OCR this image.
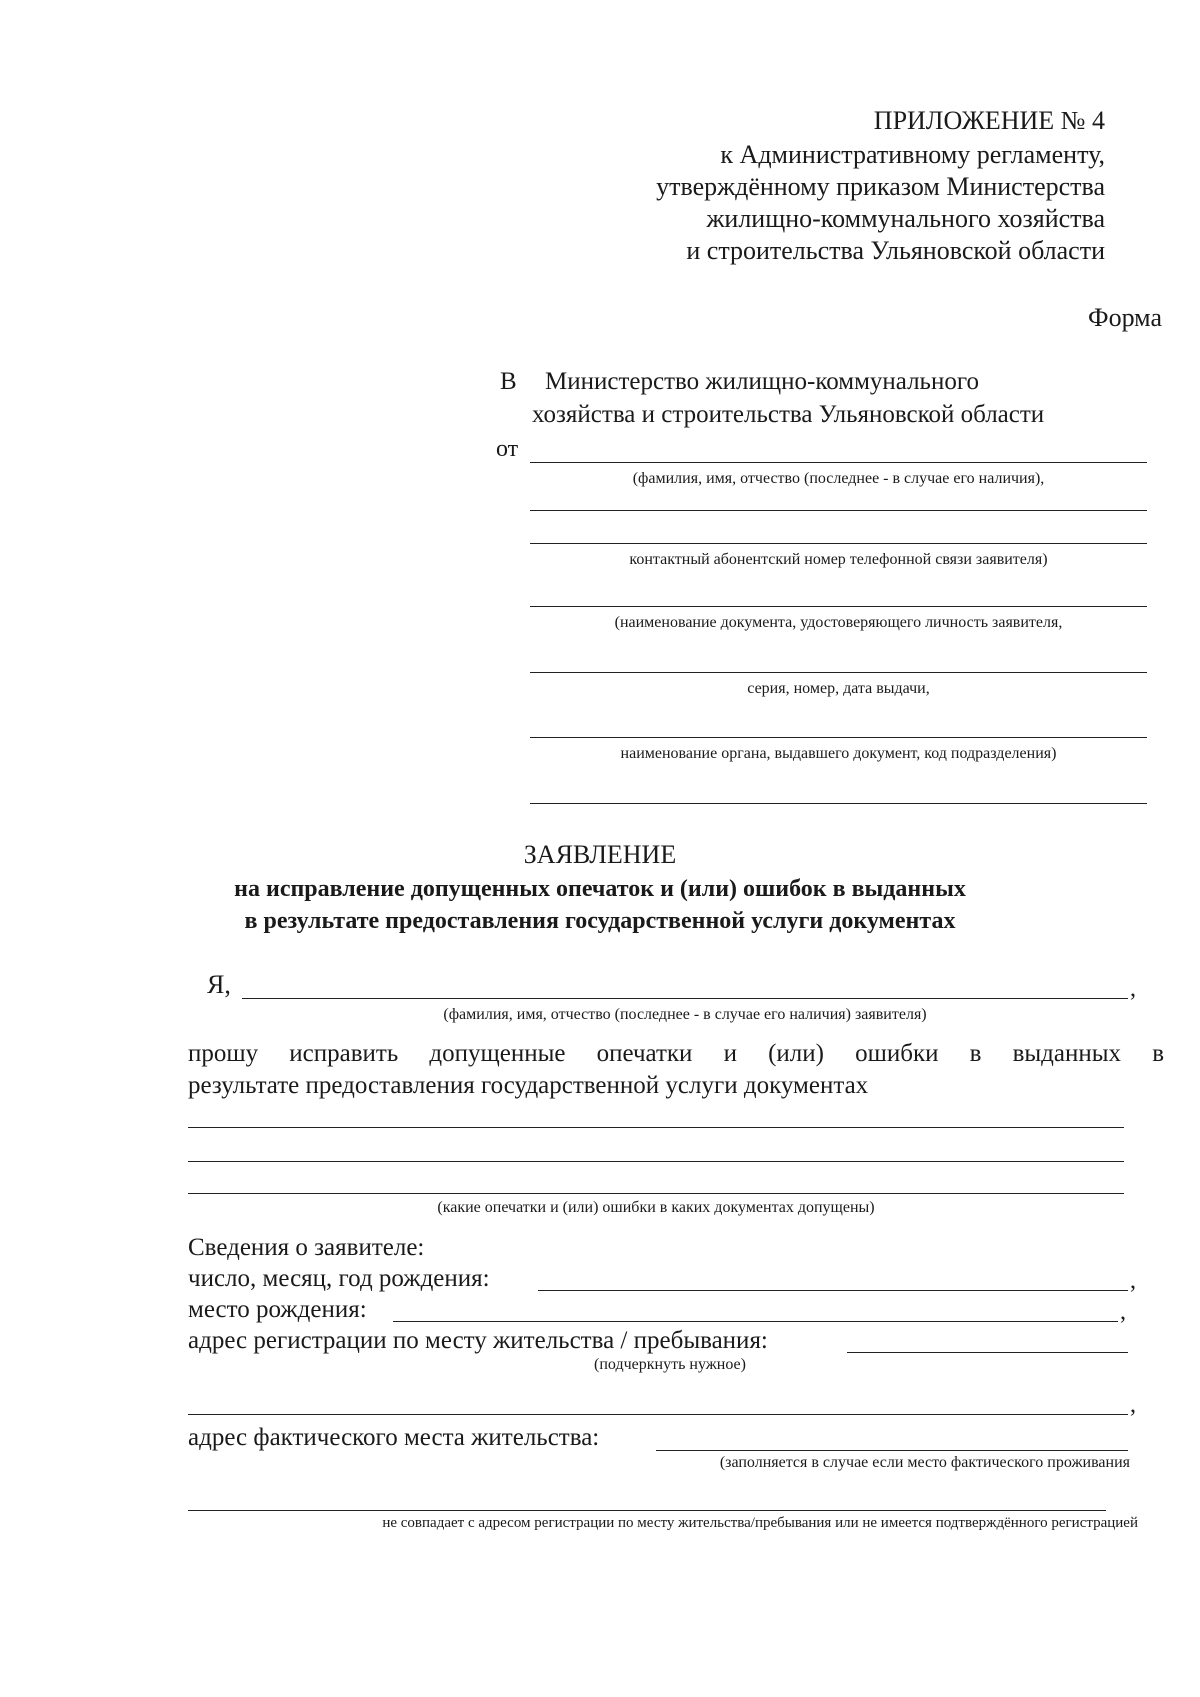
ПРИЛОЖЕНИЕ № 4
к Административному регламенту,
утверждённому приказом Министерства
жилищно-коммунального хозяйства
и строительства Ульяновской области
Форма
В Министерство жилищно-коммунального
хозяйства и строительства Ульяновской области
от
(фамилия, имя, отчество (последнее - в случае его наличия),
контактный абонентский номер телефонной связи заявителя)
(наименование документа, удостоверяющего личность заявителя,
серия, номер, дата выдачи,
наименование органа, выдавшего документ, код подразделения)
ЗАЯВЛЕНИЕ
на исправление допущенных опечаток и (или) ошибок в выданных
в результате предоставления государственной услуги документах
Я,	,
(фамилия, имя, отчество (последнее - в случае его наличия) заявителя)
прошу исправить допущенные опечатки и (или) ошибки в выданных в
результате предоставления государственной услуги документах
(какие опечатки и (или) ошибки в каких документах допущены)
Сведения о заявителе:
число, месяц, год рождения:	,
место рождения:	,
адрес регистрации по месту жительства / пребывания:
(подчеркнуть нужное)
,
адрес фактического места жительства:
(заполняется в случае если место фактического проживания
не совпадает с адресом регистрации по месту жительства/пребывания или не имеется подтверждённого регистрацией
